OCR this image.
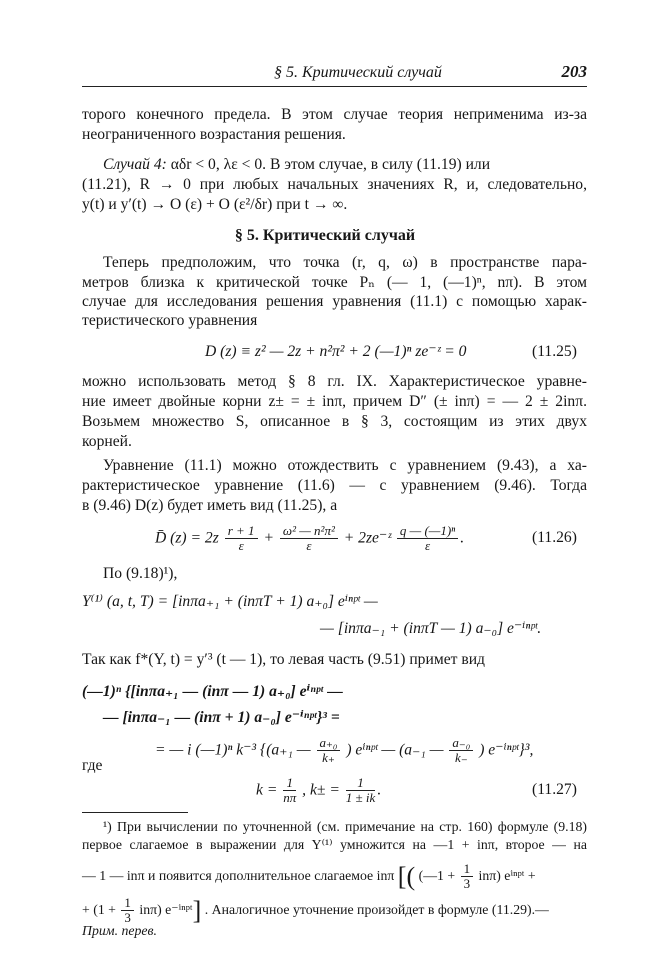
§ 5. Критический случай	203
торого конечного предела. В этом случае теория неприменима из-за
неограниченного возрастания решения.
Случай 4: αδr < 0, λε < 0. В этом случае, в силу (11.19) или
(11.21), R → 0 при любых начальных значениях R, и, следовательно,
y(t) и y′(t) → O (ε) + O (ε²/δr) при t → ∞.
§ 5. Критический случай
Теперь предположим, что точка (r, q, ω) в пространстве пара-
метров близка к критической точке Pₙ (— 1, (—1)ⁿ, nπ). В этом
случае для исследования решения уравнения (11.1) с помощью харак-
теристического уравнения
D (z) ≡ z² — 2z + n²π² + 2 (—1)ⁿ ze⁻ᶻ = 0	(11.25)
можно использовать метод § 8 гл. IX. Характеристическое уравне-
ние имеет двойные корни z± = ± inπ, причем D″ (± inπ) = — 2 ± 2inπ.
Возьмем множество S, описанное в § 3, состоящим из этих двух
корней.
Уравнение (11.1) можно отождествить с уравнением (9.43), а ха-
рактеристическое уравнение (11.6) — с уравнением (9.46). Тогда
в (9.46) D(z) будет иметь вид (11.25), а
D̄ $(z) = 2z \frac{r + 1}{\varepsilon} + \frac{\text{ω² — n²π²}}{\varepsilon}$ + 2ze⁻ᶻ $\frac{\text{q — (—1)ⁿ}}{\varepsilon}$ .	(11.26)
По (9.18)¹),
Y⁽¹⁾ (a, t, T) = [inπa₊₁ + (inπT + 1) a₊₀] eⁱⁿᵖᵗ —
— [inπa₋₁ + (inπT — 1) a₋₀] e⁻ⁱⁿᵖᵗ.
Так как f*(Y, t) = y′³ (t — 1), то левая часть (9.51) примет вид
(—1)ⁿ {[inπa₊₁ — (inπ — 1) a₊₀] eⁱⁿᵖᵗ —
— [inπa₋₁ — (inπ + 1) a₋₀] e⁻ⁱⁿᵖᵗ}³ =
= — i (—1)ⁿ k⁻³ {(a₊₁ — $\frac{\text{a₊₀}}{k_+}$ ) eⁱⁿᵖᵗ — (a₋₁ — $\frac{\text{a₋₀}}{k_-}$ ) e⁻ⁱⁿᵖᵗ}³,
где
$k = \frac{1}{n\pi}$ , $k\pm = \frac{1}{1 \pm ik}$ .	(11.27)
¹) При вычислении по уточненной (см. примечание на стр. 160) формуле (9.18)
первое слагаемое в выражении для Y⁽¹⁾ умножится на —1 + inπ, второе — на
— 1 — inπ и появится дополнительное слагаемое inπ [( (—1 + $\frac{1}{3} in\pi$) eⁱⁿᵖᵗ +
+ $(1 + \frac{1}{3} in\pi)$ e⁻ⁱⁿᵖᵗ] . Аналогичное уточнение произойдет в формуле (11.29).—
Прим. перев.
